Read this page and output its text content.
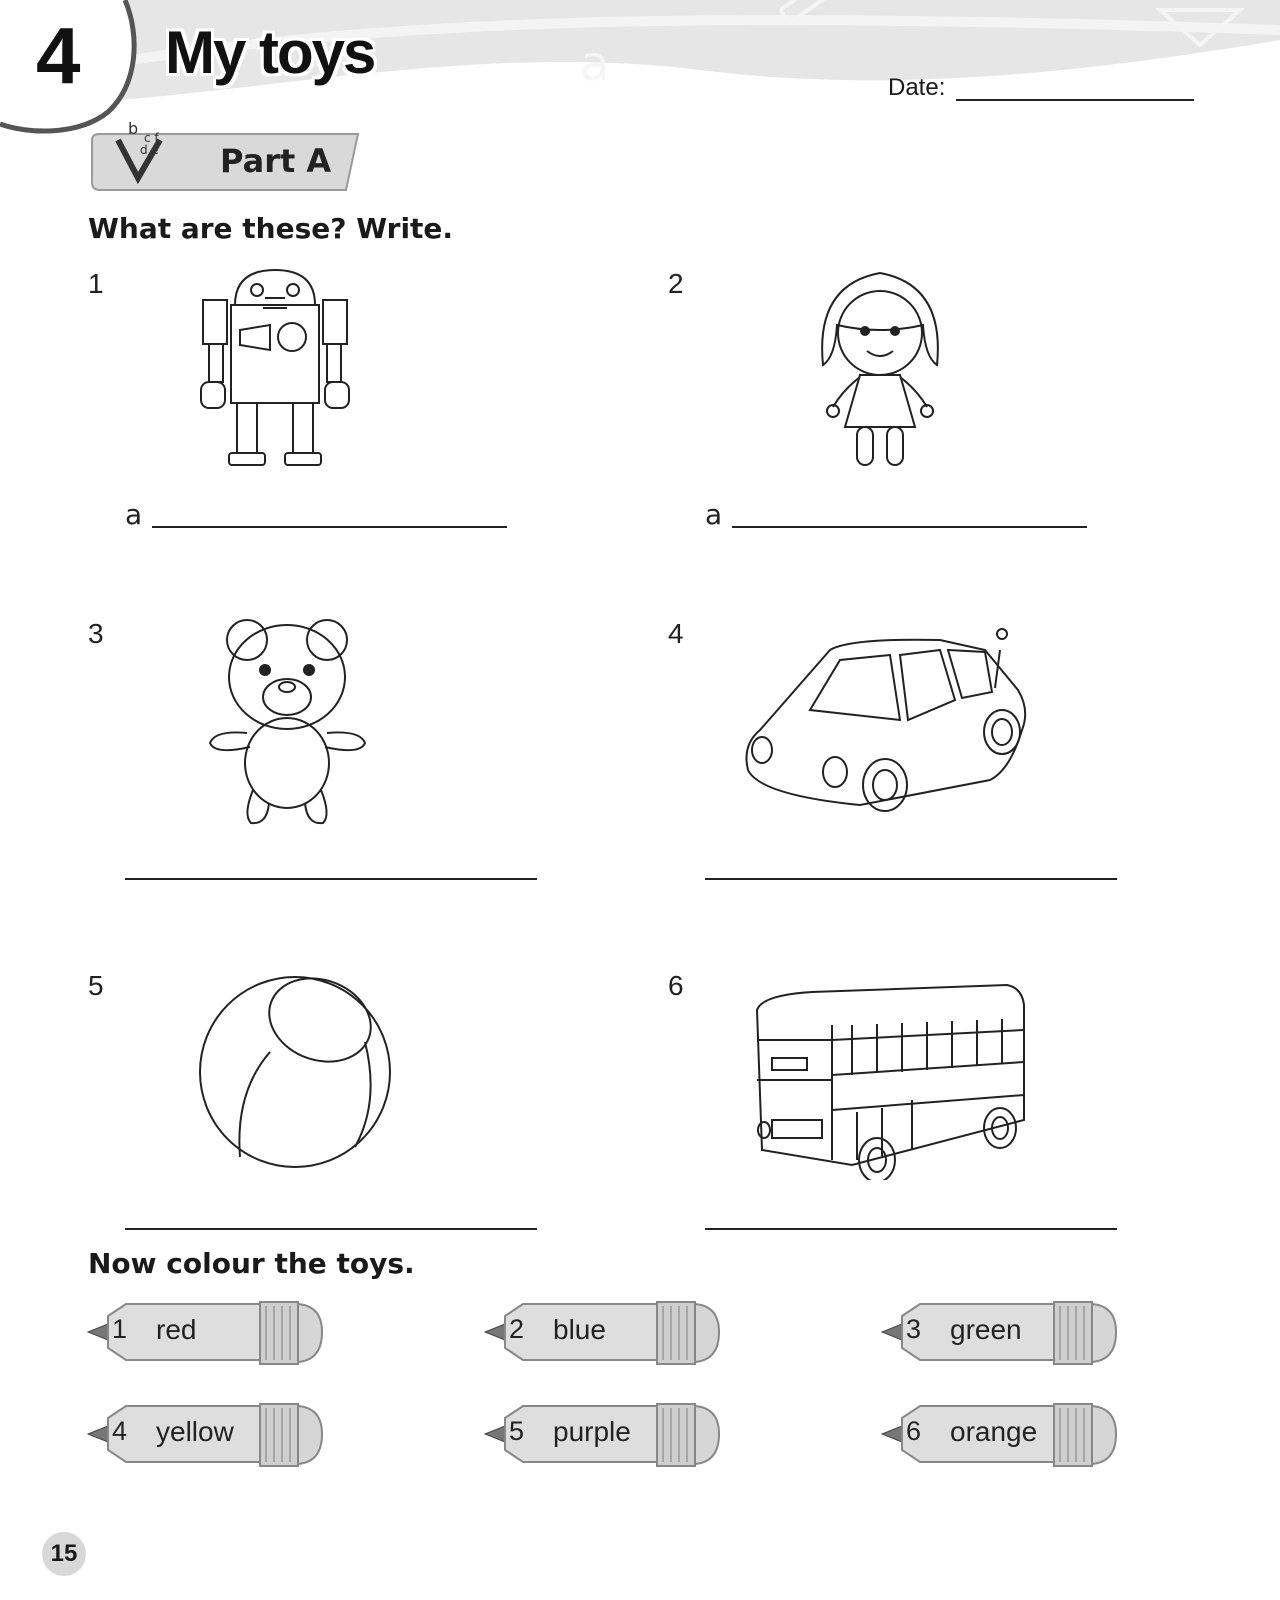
a
4 My toys
Date:
b c f
d e Part A
What are these? Write.
1
a
2
a
3	4
5	6
Now colour the toys.
1 red	2 blue	3 green
4 yellow	5 purple	6 orange
15
